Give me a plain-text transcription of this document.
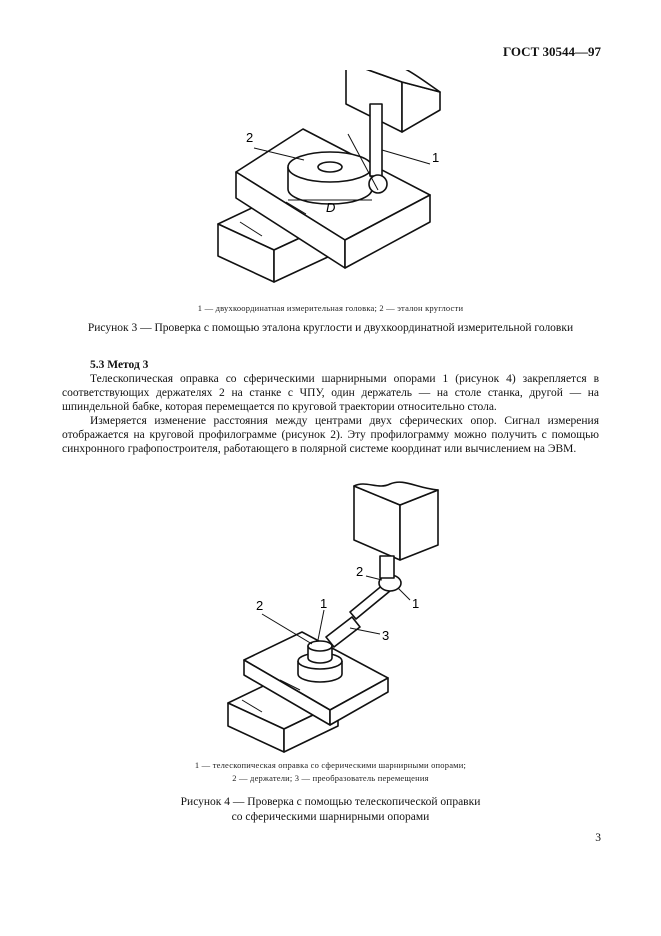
ГОСТ 30544—97
2
1
D
1 — двухкоординатная измерительная головка; 2 — эталон круглости
Рисунок 3 — Проверка с помощью эталона круглости и двухкоординатной измерительной головки
5.3 Метод 3

Телескопическая оправка со сферическими шарнирными опорами 1 (рисунок 4) закрепляется в соответствующих держателях 2 на станке с ЧПУ, один держатель — на столе станка, другой — на шпиндельной бабке, которая перемещается по круговой траектории относительно стола.

Измеряется изменение расстояния между центрами двух сферических опор. Сигнал измерения отображается на круговой профилограмме (рисунок 2). Эту профилограмму можно получить с помощью синхронного графопостроителя, работающего в полярной системе координат или вычислением на ЭВМ.

2	1
3
2
1
1 — телескопическая оправка со сферическими шарнирными опорами;
2 — держатели; 3 — преобразователь перемещения
Рисунок 4 — Проверка с помощью телескопической оправки
со сферическими шарнирными опорами
3
